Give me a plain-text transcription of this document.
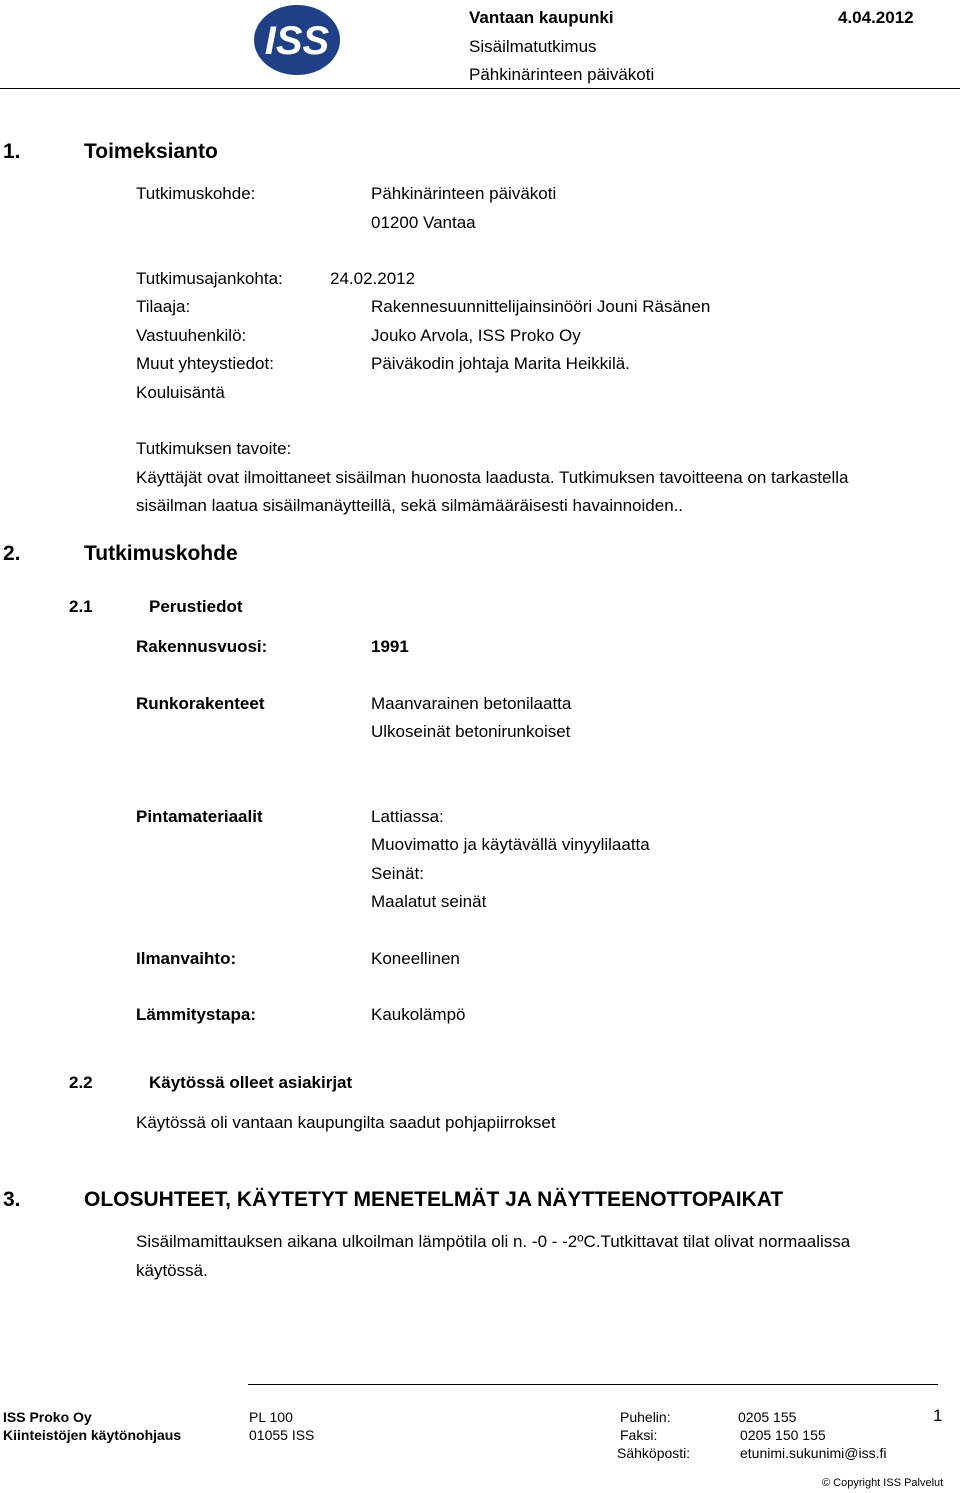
ISS
Vantaan kaupunki	4.04.2012
Sisäilmatutkimus
Pähkinärinteen päiväkoti
1.	Toimeksianto
Tutkimuskohde:	Pähkinärinteen päiväkoti
01200 Vantaa
Tutkimusajankohta:	24.02.2012
Tilaaja:	Rakennesuunnittelijainsinööri Jouni Räsänen
Vastuuhenkilö:	Jouko Arvola, ISS Proko Oy
Muut yhteystiedot:	Päiväkodin johtaja Marita Heikkilä.
Kouluisäntä
Tutkimuksen tavoite:
Käyttäjät ovat ilmoittaneet sisäilman huonosta laadusta. Tutkimuksen tavoitteena on tarkastella
sisäilman laatua sisäilmanäytteillä, sekä silmämääräisesti havainnoiden..
2.	Tutkimuskohde
2.1	Perustiedot
Rakennusvuosi:	1991
Runkorakenteet	Maanvarainen betonilaatta
Ulkoseinät betonirunkoiset
Pintamateriaalit	Lattiassa:
Muovimatto ja käytävällä vinyylilaatta
Seinät:
Maalatut seinät
Ilmanvaihto:	Koneellinen
Lämmitystapa:	Kaukolämpö
2.2	Käytössä olleet asiakirjat
Käytössä oli vantaan kaupungilta saadut pohjapiirrokset
3.	OLOSUHTEET, KÄYTETYT MENETELMÄT JA NÄYTTEENOTTOPAIKAT
Sisäilmamittauksen aikana ulkoilman lämpötila oli n. -0 - -2ºC.Tutkittavat tilat olivat normaalissa
käytössä.
ISS Proko Oy
Kiinteistöjen käytönohjaus
PL 100
01055 ISS
Puhelin:	0205 155
Faksi:	0205 150 155
Sähköposti:	etunimi.sukunimi@iss.fi
1
© Copyright ISS Palvelut
